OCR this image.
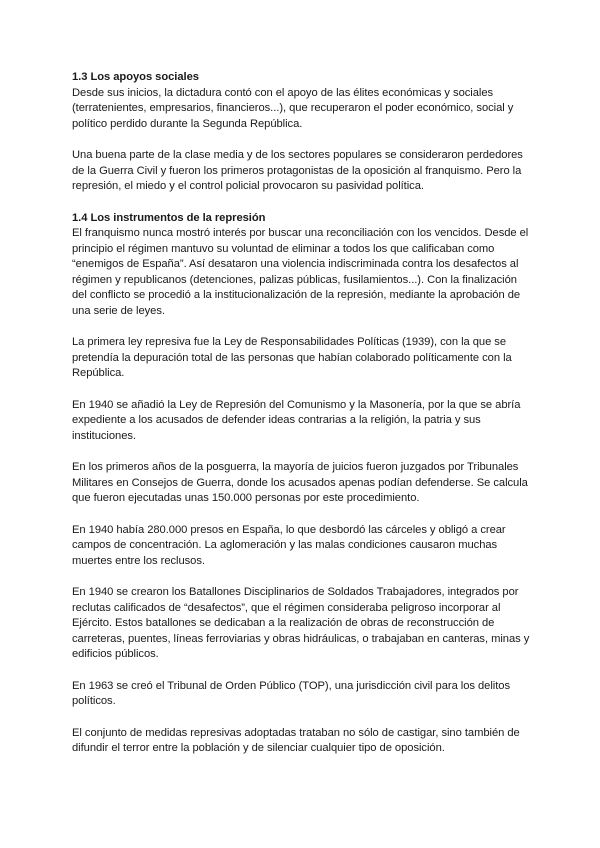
1.3 Los apoyos sociales

Desde sus inicios, la dictadura contó con el apoyo de las élites económicas y sociales (terratenientes, empresarios, financieros...), que recuperaron el poder económico, social y político perdido durante la Segunda República.

Una buena parte de la clase media y de los sectores populares se consideraron perdedores de la Guerra Civil y fueron los primeros protagonistas de la oposición al franquismo. Pero la represión, el miedo y el control policial provocaron su pasividad política.

1.4 Los instrumentos de la represión

El franquismo nunca mostró interés por buscar una reconciliación con los vencidos. Desde el principio el régimen mantuvo su voluntad de eliminar a todos los que calificaban como “enemigos de España”. Así desataron una violencia indiscriminada contra los desafectos al régimen y republicanos (detenciones, palizas públicas, fusilamientos...). Con la finalización del conflicto se procedió a la institucionalización de la represión, mediante la aprobación de una serie de leyes.

La primera ley represiva fue la Ley de Responsabilidades Políticas (1939), con la que se pretendía la depuración total de las personas que habían colaborado políticamente con la República.

En 1940 se añadió la Ley de Represión del Comunismo y la Masonería, por la que se abría expediente a los acusados de defender ideas contrarias a la religión, la patria y sus instituciones.

En los primeros años de la posguerra, la mayoría de juicios fueron juzgados por Tribunales Militares en Consejos de Guerra, donde los acusados apenas podían defenderse. Se calcula que fueron ejecutadas unas 150.000 personas por este procedimiento.

En 1940 había 280.000 presos en España, lo que desbordó las cárceles y obligó a crear campos de concentración. La aglomeración y las malas condiciones causaron muchas muertes entre los reclusos.

En 1940 se crearon los Batallones Disciplinarios de Soldados Trabajadores, integrados por reclutas calificados de “desafectos”, que el régimen consideraba peligroso incorporar al Ejército. Estos batallones se dedicaban a la realización de obras de reconstrucción de carreteras, puentes, líneas ferroviarias y obras hidráulicas, o trabajaban en canteras, minas y edificios públicos.

En 1963 se creó el Tribunal de Orden Público (TOP), una jurisdicción civil para los delitos políticos.

El conjunto de medidas represivas adoptadas trataban no sólo de castigar, sino también de difundir el terror entre la población y de silenciar cualquier tipo de oposición.
